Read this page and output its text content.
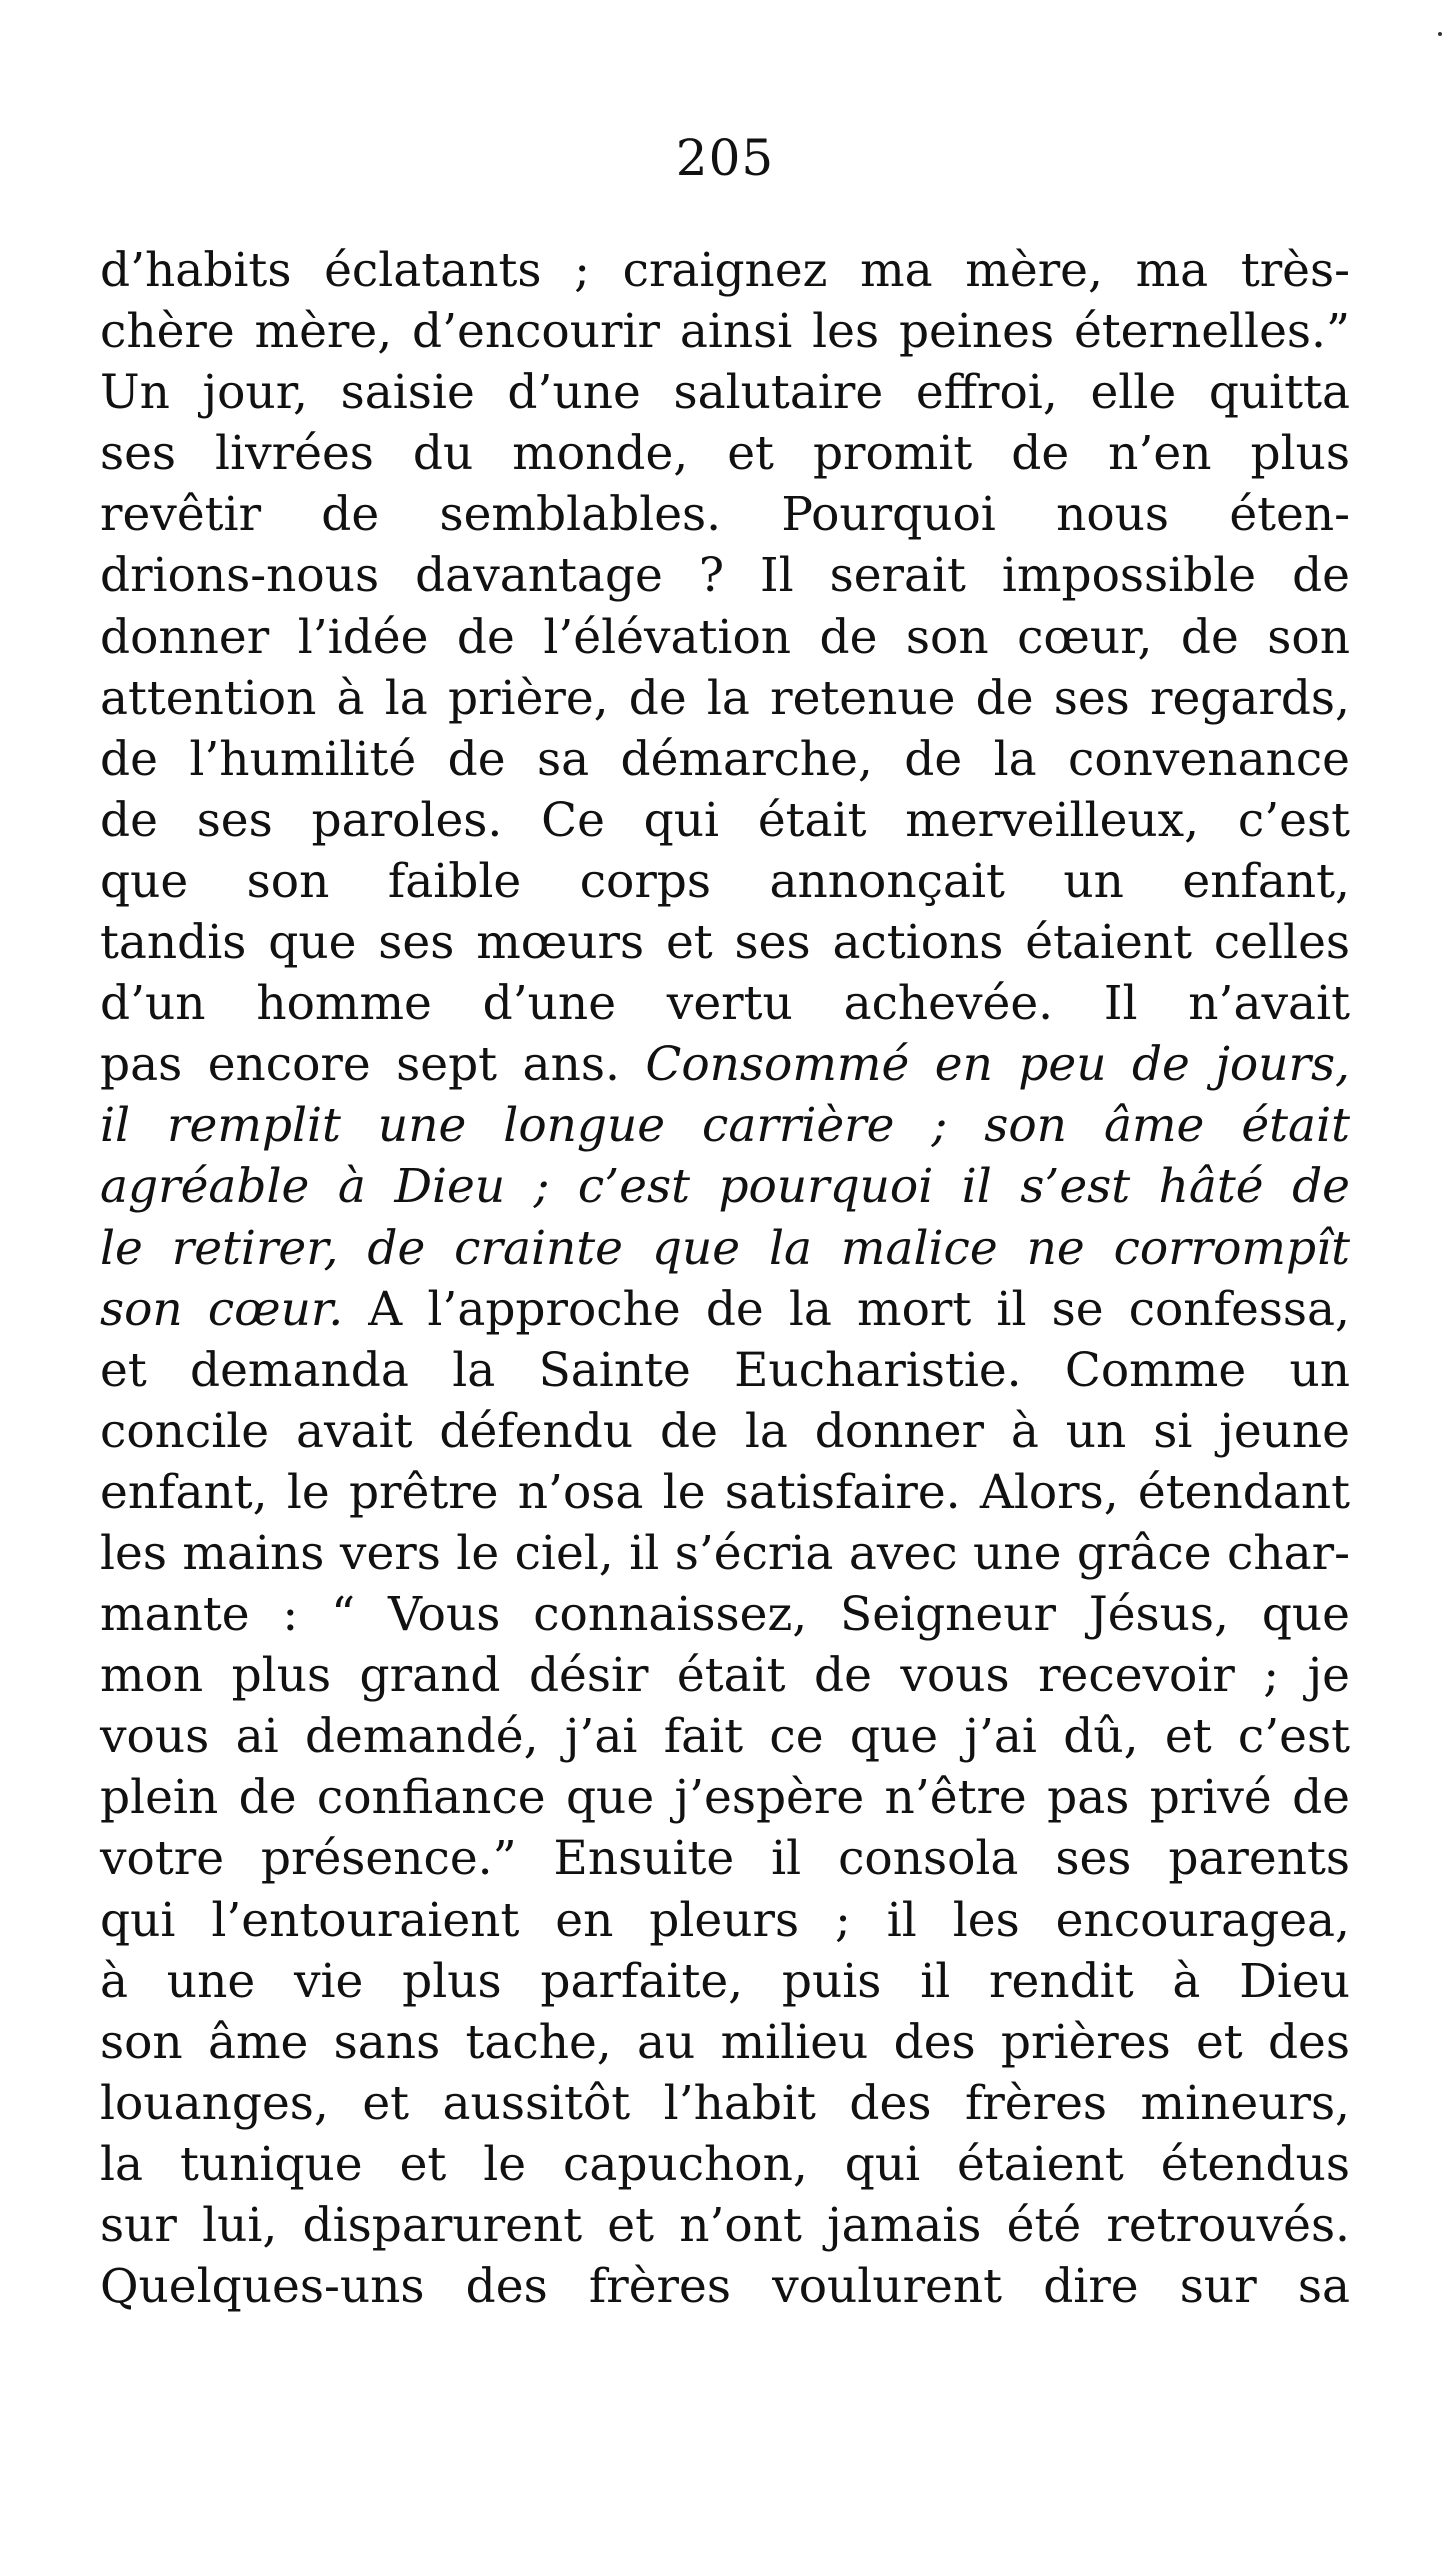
205
d’habits éclatants ; craignez ma mère, ma très-
chère mère, d’encourir ainsi les peines éternelles.”
Un jour, saisie d’une salutaire effroi, elle quitta
ses livrées du monde, et promit de n’en plus
revêtir de semblables. Pourquoi nous éten-
drions-nous davantage ? Il serait impossible de
donner l’idée de l’élévation de son cœur, de son
attention à la prière, de la retenue de ses regards,
de l’humilité de sa démarche, de la convenance
de ses paroles. Ce qui était merveilleux, c’est
que son faible corps annonçait un enfant,
tandis que ses mœurs et ses actions étaient celles
d’un homme d’une vertu achevée. Il n’avait
pas encore sept ans. Consommé en peu de jours,
il remplit une longue carrière ; son âme était
agréable à Dieu ; c’est pourquoi il s’est hâté de
le retirer, de crainte que la malice ne corrompît
son cœur. A l’approche de la mort il se confessa,
et demanda la Sainte Eucharistie. Comme un
concile avait défendu de la donner à un si jeune
enfant, le prêtre n’osa le satisfaire. Alors, étendant
les mains vers le ciel, il s’écria avec une grâce char-
mante : “ Vous connaissez, Seigneur Jésus, que
mon plus grand désir était de vous recevoir ; je
vous ai demandé, j’ai fait ce que j’ai dû, et c’est
plein de confiance que j’espère n’être pas privé de
votre présence.” Ensuite il consola ses parents
qui l’entouraient en pleurs ; il les encouragea,
à une vie plus parfaite, puis il rendit à Dieu
son âme sans tache, au milieu des prières et des
louanges, et aussitôt l’habit des frères mineurs,
la tunique et le capuchon, qui étaient étendus
sur lui, disparurent et n’ont jamais été retrouvés.
Quelques-uns des frères voulurent dire sur sa
